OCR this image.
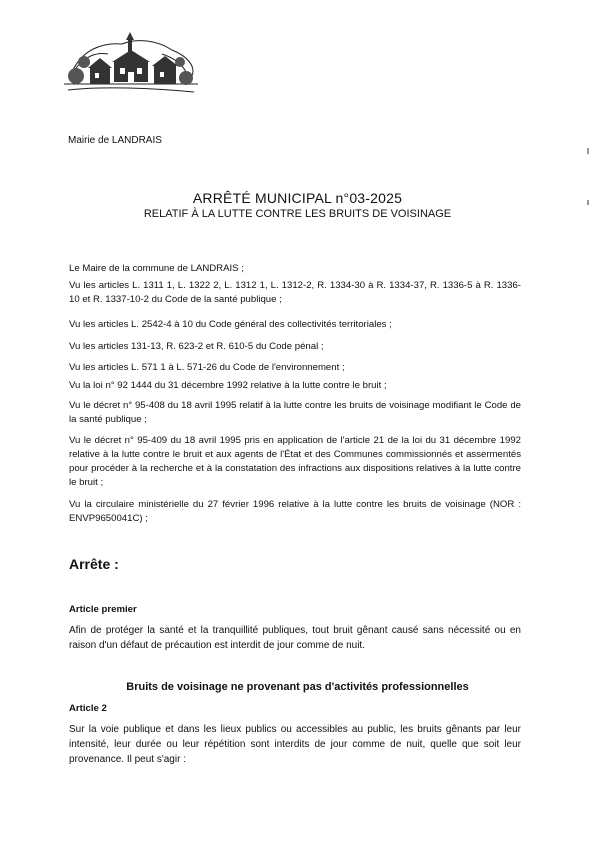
Mairie de LANDRAIS
ARRÊTÉ MUNICIPAL n°03-2025
RELATIF À LA LUTTE CONTRE LES BRUITS DE VOISINAGE
Le Maire de la commune de LANDRAIS ;
Vu les articles L. 1311 1, L. 1322 2, L. 1312 1, L. 1312-2, R. 1334-30 à R. 1334-37, R. 1336-5 à R. 1336-10 et R. 1337-10-2 du Code de la santé publique ;
Vu les articles L. 2542-4 à 10 du Code général des collectivités territoriales ;
Vu les articles 131-13, R. 623-2 et R. 610-5 du Code pénal ;
Vu les articles L. 571 1 à L. 571-26 du Code de l'environnement ;
Vu la loi n° 92 1444 du 31 décembre 1992 relative à la lutte contre le bruit ;
Vu le décret n° 95-408 du 18 avril 1995 relatif à la lutte contre les bruits de voisinage modifiant le Code de la santé publique ;
Vu le décret n° 95-409 du 18 avril 1995 pris en application de l'article 21 de la loi du 31 décembre 1992 relative à la lutte contre le bruit et aux agents de l'État et des Communes commissionnés et assermentés pour procéder à la recherche et à la constatation des infractions aux dispositions relatives à la lutte contre le bruit ;
Vu la circulaire ministérielle du 27 février 1996 relative à la lutte contre les bruits de voisinage (NOR : ENVP9650041C) ;
Arrête :
Article premier
Afin de protéger la santé et la tranquillité publiques, tout bruit gênant causé sans nécessité ou en raison d'un défaut de précaution est interdit de jour comme de nuit.
Bruits de voisinage ne provenant pas d'activités professionnelles
Article 2
Sur la voie publique et dans les lieux publics ou accessibles au public, les bruits gênants par leur intensité, leur durée ou leur répétition sont interdits de jour comme de nuit, quelle que soit leur provenance. Il peut s'agir :
